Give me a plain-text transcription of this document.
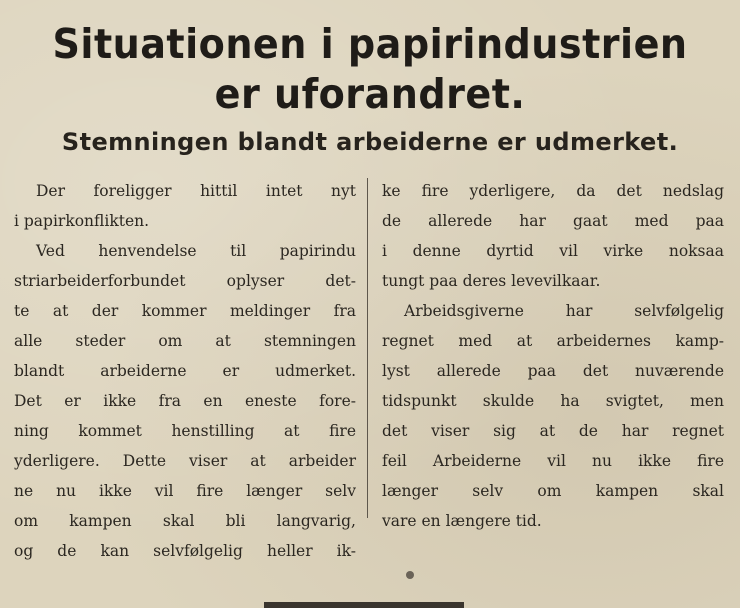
Situationen i papirindustrien
er uforandret.
Stemningen blandt arbeiderne er udmerket.
Der foreligger hittil intet nyt
i papirkonflikten.
Ved henvendelse til papirindu
striarbeiderforbundet oplyser det-
te at der kommer meldinger fra
alle steder om at stemningen
blandt arbeiderne er udmerket.
Det er ikke fra en eneste fore-
ning kommet henstilling at fire
yderligere. Dette viser at arbeider
ne nu ikke vil fire længer selv
om kampen skal bli langvarig,
og de kan selvfølgelig heller ik-
ke fire yderligere, da det nedslag
de allerede har gaat med paa
i denne dyrtid vil virke noksaa
tungt paa deres levevilkaar.
Arbeidsgiverne har selvfølgelig
regnet med at arbeidernes kamp-
lyst allerede paa det nuværende
tidspunkt skulde ha svigtet, men
det viser sig at de har regnet
feil Arbeiderne vil nu ikke fire
længer selv om kampen skal
vare en længere tid.
